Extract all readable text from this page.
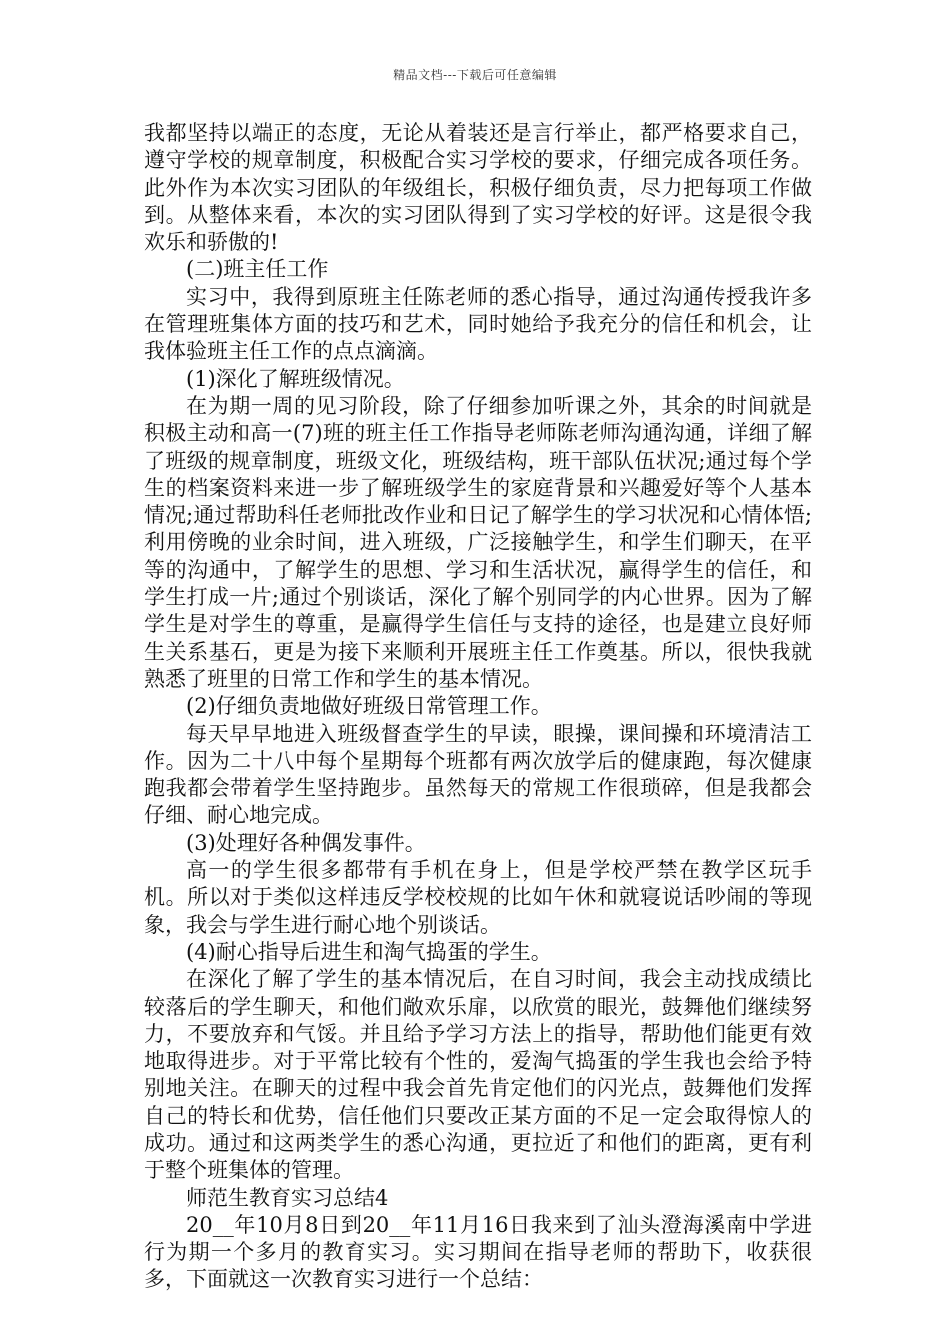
精品文档---下载后可任意编辑

我都坚持以端正的态度，无论从着装还是言行举止，都严格要求自己，遵守学校的规章制度，积极配合实习学校的要求，仔细完成各项任务。此外作为本次实习团队的年级组长，积极仔细负责，尽力把每项工作做到。从整体来看，本次的实习团队得到了实习学校的好评。这是很令我欢乐和骄傲的!

(二)班主任工作

实习中，我得到原班主任陈老师的悉心指导，通过沟通传授我许多在管理班集体方面的技巧和艺术，同时她给予我充分的信任和机会，让我体验班主任工作的点点滴滴。

(1)深化了解班级情况。

在为期一周的见习阶段，除了仔细参加听课之外，其余的时间就是积极主动和高一(7)班的班主任工作指导老师陈老师沟通沟通，详细了解了班级的规章制度，班级文化，班级结构，班干部队伍状况;通过每个学生的档案资料来进一步了解班级学生的家庭背景和兴趣爱好等个人基本情况;通过帮助科任老师批改作业和日记了解学生的学习状况和心情体悟;利用傍晚的业余时间，进入班级，广泛接触学生，和学生们聊天，在平等的沟通中，了解学生的思想、学习和生活状况，赢得学生的信任，和学生打成一片;通过个别谈话，深化了解个别同学的内心世界。因为了解学生是对学生的尊重，是赢得学生信任与支持的途径，也是建立良好师生关系基石，更是为接下来顺利开展班主任工作奠基。所以，很快我就熟悉了班里的日常工作和学生的基本情况。

(2)仔细负责地做好班级日常管理工作。

每天早早地进入班级督查学生的早读，眼操，课间操和环境清洁工作。因为二十八中每个星期每个班都有两次放学后的健康跑，每次健康跑我都会带着学生坚持跑步。虽然每天的常规工作很琐碎，但是我都会仔细、耐心地完成。

(3)处理好各种偶发事件。

高一的学生很多都带有手机在身上，但是学校严禁在教学区玩手机。所以对于类似这样违反学校校规的比如午休和就寝说话吵闹的等现象，我会与学生进行耐心地个别谈话。

(4)耐心指导后进生和淘气捣蛋的学生。

在深化了解了学生的基本情况后，在自习时间，我会主动找成绩比较落后的学生聊天，和他们敞欢乐扉，以欣赏的眼光，鼓舞他们继续努力，不要放弃和气馁。并且给予学习方法上的指导，帮助他们能更有效地取得进步。对于平常比较有个性的，爱淘气捣蛋的学生我也会给予特别地关注。在聊天的过程中我会首先肯定他们的闪光点，鼓舞他们发挥自己的特长和优势，信任他们只要改正某方面的不足一定会取得惊人的成功。通过和这两类学生的悉心沟通，更拉近了和他们的距离，更有利于整个班集体的管理。

师范生教育实习总结4

20__年10月8日到20__年11月16日我来到了汕头澄海溪南中学进行为期一个多月的教育实习。实习期间在指导老师的帮助下，收获很多，下面就这一次教育实习进行一个总结：
